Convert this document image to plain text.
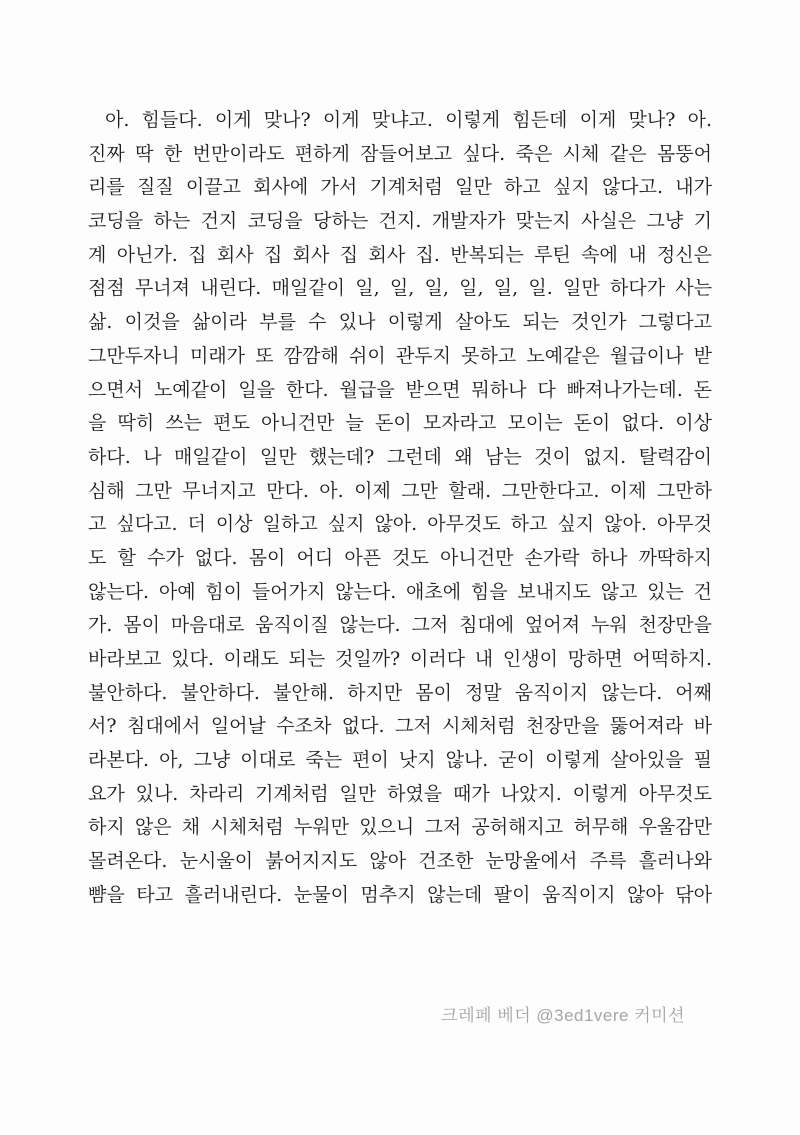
아. 힘들다. 이게 맞나? 이게 맞냐고. 이렇게 힘든데 이게 맞나? 아.
진짜 딱 한 번만이라도 편하게 잠들어보고 싶다. 죽은 시체 같은 몸뚱어
리를 질질 이끌고 회사에 가서 기계처럼 일만 하고 싶지 않다고. 내가
코딩을 하는 건지 코딩을 당하는 건지. 개발자가 맞는지 사실은 그냥 기
계 아닌가. 집 회사 집 회사 집 회사 집. 반복되는 루틴 속에 내 정신은
점점 무너져 내린다. 매일같이 일, 일, 일, 일, 일, 일. 일만 하다가 사는
삶. 이것을 삶이라 부를 수 있나 이렇게 살아도 되는 것인가 그렇다고
그만두자니 미래가 또 깜깜해 쉬이 관두지 못하고 노예같은 월급이나 받
으면서 노예같이 일을 한다. 월급을 받으면 뭐하나 다 빠져나가는데. 돈
을 딱히 쓰는 편도 아니건만 늘 돈이 모자라고 모이는 돈이 없다. 이상
하다. 나 매일같이 일만 했는데? 그런데 왜 남는 것이 없지. 탈력감이
심해 그만 무너지고 만다. 아. 이제 그만 할래. 그만한다고. 이제 그만하
고 싶다고. 더 이상 일하고 싶지 않아. 아무것도 하고 싶지 않아. 아무것
도 할 수가 없다. 몸이 어디 아픈 것도 아니건만 손가락 하나 까딱하지
않는다. 아예 힘이 들어가지 않는다. 애초에 힘을 보내지도 않고 있는 건
가. 몸이 마음대로 움직이질 않는다. 그저 침대에 엎어져 누워 천장만을
바라보고 있다. 이래도 되는 것일까? 이러다 내 인생이 망하면 어떡하지.
불안하다. 불안하다. 불안해. 하지만 몸이 정말 움직이지 않는다. 어째
서? 침대에서 일어날 수조차 없다. 그저 시체처럼 천장만을 뚫어져라 바
라본다. 아, 그냥 이대로 죽는 편이 낫지 않나. 굳이 이렇게 살아있을 필
요가 있나. 차라리 기계처럼 일만 하였을 때가 나았지. 이렇게 아무것도
하지 않은 채 시체처럼 누워만 있으니 그저 공허해지고 허무해 우울감만
몰려온다. 눈시울이 붉어지지도 않아 건조한 눈망울에서 주륵 흘러나와
뺨을 타고 흘러내린다. 눈물이 멈추지 않는데 팔이 움직이지 않아 닦아
크레페 베더 @3ed1vere 커미션
